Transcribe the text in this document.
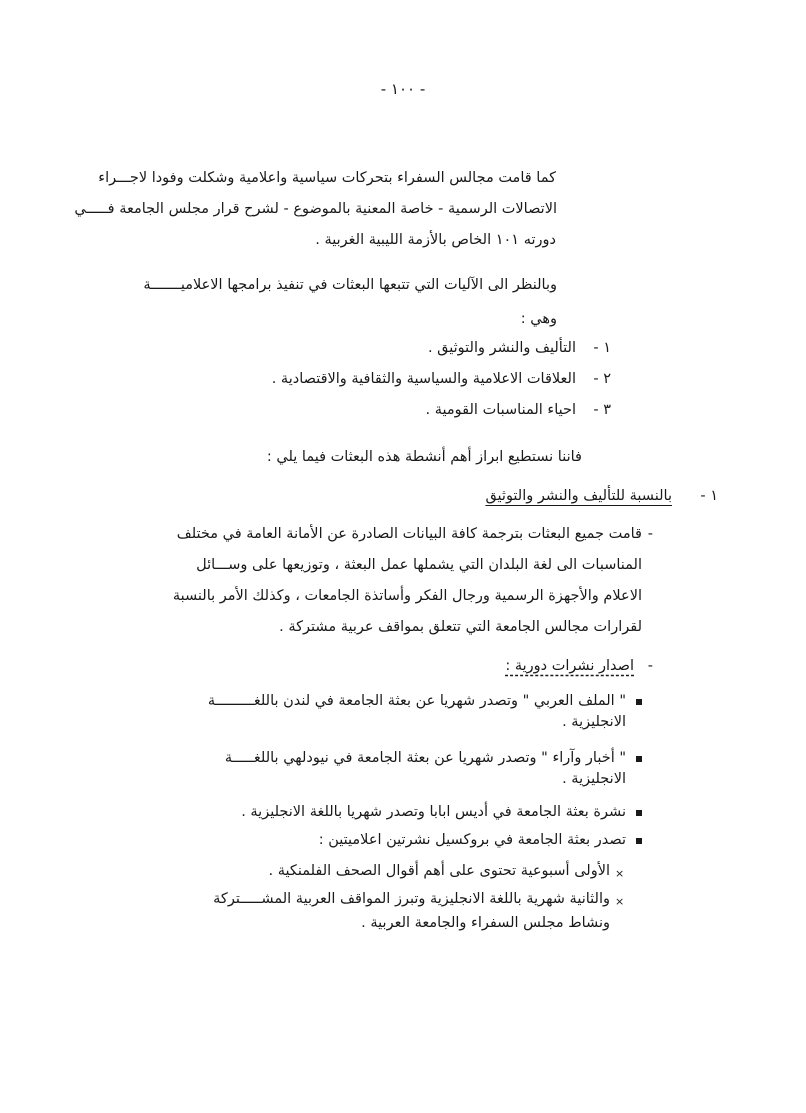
- ١٠٠ -
كما قامت مجالس السفراء بتحركات سياسية واعلامية وشكلت وفودا لاجـــراء
الاتصالات الرسمية - خاصة المعنية بالموضوع - لشرح قرار مجلس الجامعة فـــــي
دورته ١٠١ الخاص بالأزمة الليبية الغربية .
وبالنظر الى الآليات التي تتبعها البعثات في تنفيذ برامجها الاعلاميـــــــة
وهي :
١ -
التأليف والنشر والتوثيق .
٢ -
العلاقات الاعلامية والسياسية والثقافية والاقتصادية .
٣ -
احياء المناسبات القومية .
فاننا نستطيع ابراز أهم أنشطة هذه البعثات فيما يلي :
١ -
بالنسبة للتأليف والنشر والتوثيق
-
قامت جميع البعثات بترجمة كافة البيانات الصادرة عن الأمانة العامة في مختلف
المناسبات الى لغة البلدان التي يشملها عمل البعثة ، وتوزيعها على وســـائل
الاعلام والأجهزة الرسمية ورجال الفكر وأساتذة الجامعات ، وكذلك الأمر بالنسبة
لقرارات مجالس الجامعة التي تتعلق بمواقف عربية مشتركة .
-
اصدار نشرات دورية :
" الملف العربي " وتصدر شهريا عن بعثة الجامعة في لندن باللغـــــــــة
الانجليزية .
" أخبار وآراء " وتصدر شهريا عن بعثة الجامعة في نيودلهي باللغـــــة
الانجليزية .
نشرة بعثة الجامعة في أديس ابابا وتصدر شهريا باللغة الانجليزية .
تصدر بعثة الجامعة في بروكسيل نشرتين اعلاميتين :
×
الأولى أسبوعية تحتوى على أهم أقوال الصحف الفلمنكية .
×
والثانية شهرية باللغة الانجليزية وتبرز المواقف العربية المشـــــتركة
ونشاط مجلس السفراء والجامعة العربية .
